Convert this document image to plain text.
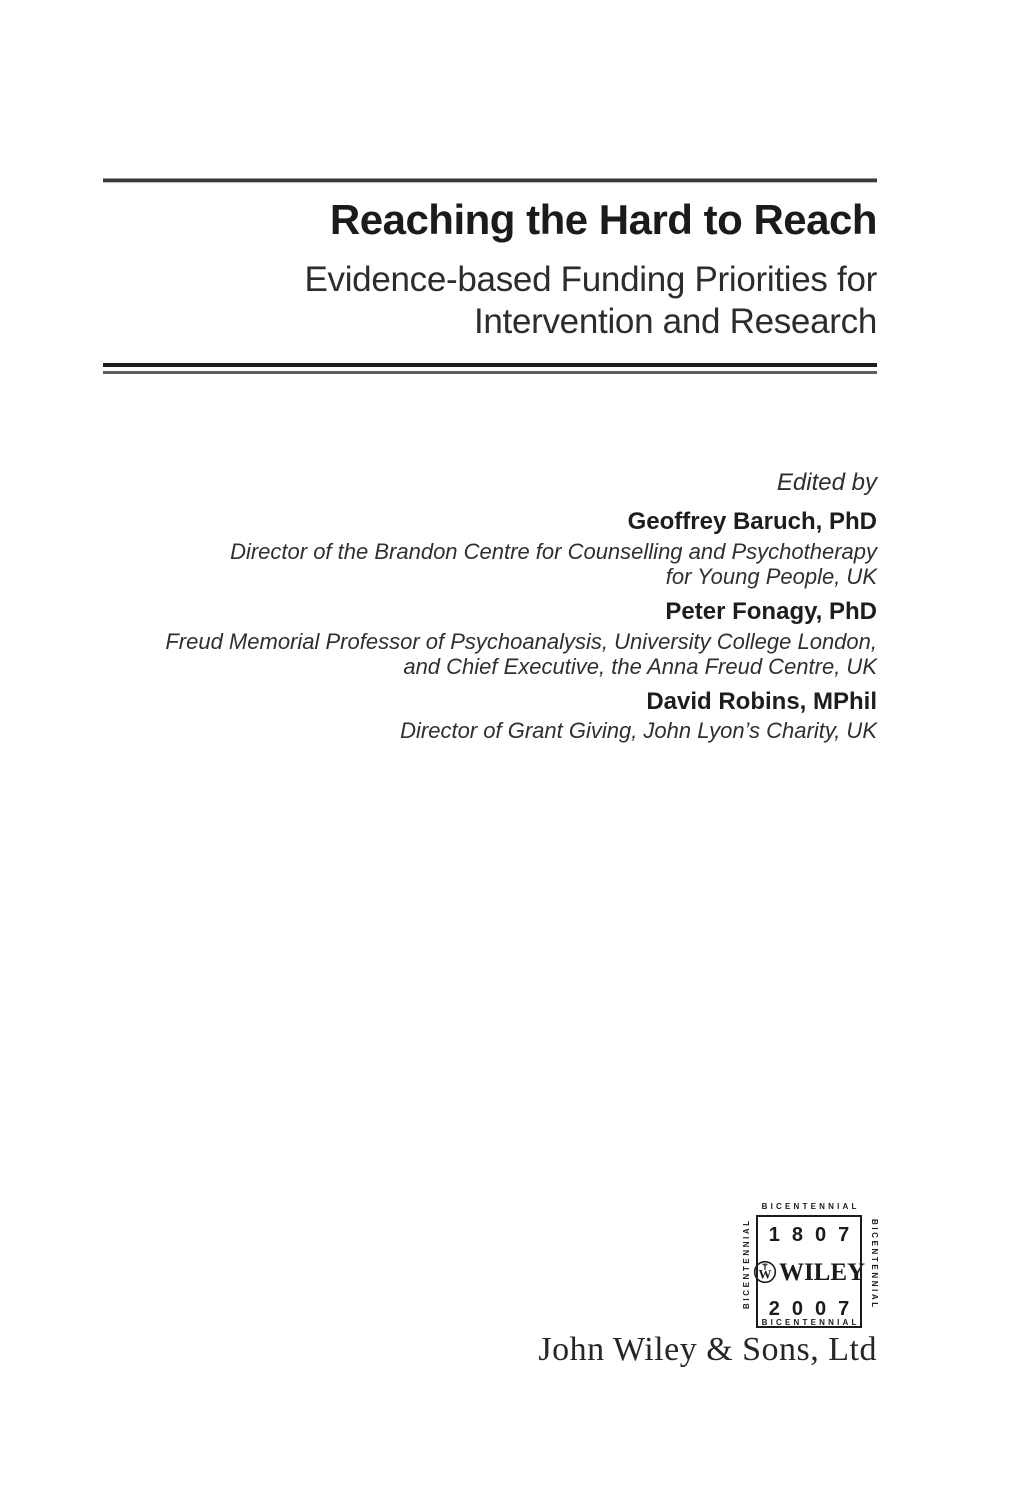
Reaching the Hard to Reach
Evidence-based Funding Priorities for
Intervention and Research
Edited by
Geoffrey Baruch, PhD
Director of the Brandon Centre for Counselling and Psychotherapy
for Young People, UK
Peter Fonagy, PhD
Freud Memorial Professor of Psychoanalysis, University College London,
and Chief Executive, the Anna Freud Centre, UK
David Robins, MPhil
Director of Grant Giving, John Lyon’s Charity, UK
BICENTENNIAL
BICENTENNIAL	BICENTENNIAL
1807
W WILEY
2007
BICENTENNIAL
John Wiley & Sons, Ltd
